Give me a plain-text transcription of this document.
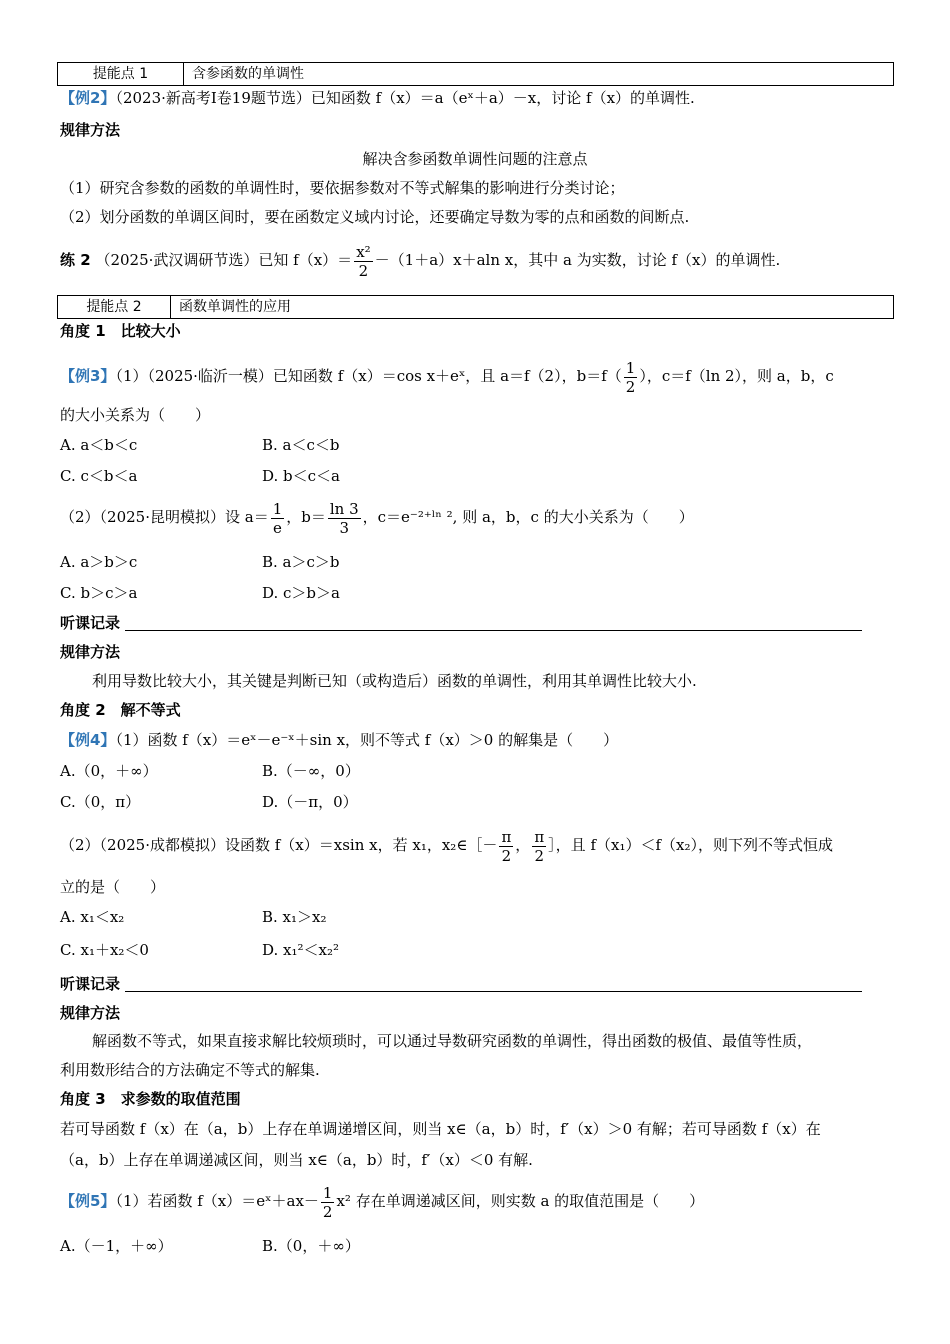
提能点 1	含参函数的单调性
【例2】（2023·新高考Ⅰ卷19题节选）已知函数 f（x）＝a（eˣ＋a）－x，讨论 f（x）的单调性.
规律方法
解决含参函数单调性问题的注意点
（1）研究含参数的函数的单调性时，要依据参数对不等式解集的影响进行分类讨论；
（2）划分函数的单调区间时，要在函数定义域内讨论，还要确定导数为零的点和函数的间断点.
练 2 （2025·武汉调研节选）已知 $f(x)= \frac{\text{x²}}{2} -(1+a)x+aln$ x，其中 a 为实数，讨论 f（x）的单调性.
提能点 2	函数单调性的应用
角度 1　比较大小
【例3】（1）（2025·临沂一模）已知函数 f（x）＝cos x＋eˣ，且 a＝f（2），$b=f( \frac{1}{2}$ ），c＝f（ln 2），则 a，b，c
的大小关系为（　　）
A. a＜b＜c	B. a＜c＜b
C. c＜b＜a	D. b＜c＜a
（2）（2025·昆明模拟）设 $a= \frac{1}{e}$ ，$b= \frac{\ln 3}{3}$ ，c＝e⁻²⁺ˡⁿ ², 则 a，b，c 的大小关系为（　　）
A. a＞b＞c	B. a＞c＞b
C. b＞c＞a	D. c＞b＞a
听课记录
规律方法
利用导数比较大小，其关键是判断已知（或构造后）函数的单调性，利用其单调性比较大小.
角度 2　解不等式
【例4】（1）函数 f（x）＝eˣ－e⁻ˣ＋sin x，则不等式 f（x）＞0 的解集是（　　）
A.（0，＋∞）	B.（－∞，0）
C.（0，π）	D.（－π，0）
（2）（2025·成都模拟）设函数 f（x）＝xsin x，若 x₁，x₂∈［－ $\frac{\pi}{2}$ ， $\frac{\pi}{2}$ ］，且 f（x₁）＜f（x₂），则下列不等式恒成
立的是（　　）
A. x₁＜x₂	B. x₁＞x₂
C. x₁＋x₂＜0	D. x₁²＜x₂²
听课记录
规律方法
解函数不等式，如果直接求解比较烦琐时，可以通过导数研究函数的单调性，得出函数的极值、最值等性质，
利用数形结合的方法确定不等式的解集.
角度 3　求参数的取值范围
若可导函数 f（x）在（a，b）上存在单调递增区间，则当 x∈（a，b）时，f′（x）＞0 有解；若可导函数 f（x）在
（a，b）上存在单调递减区间，则当 x∈（a，b）时，f′（x）＜0 有解.
【例5】（1）若函数 f（x）＝eˣ＋ax－ $\frac{1}{2} x^2$ 存在单调递减区间，则实数 a 的取值范围是（　　）
A.（－1，＋∞）	B.（0，＋∞）
